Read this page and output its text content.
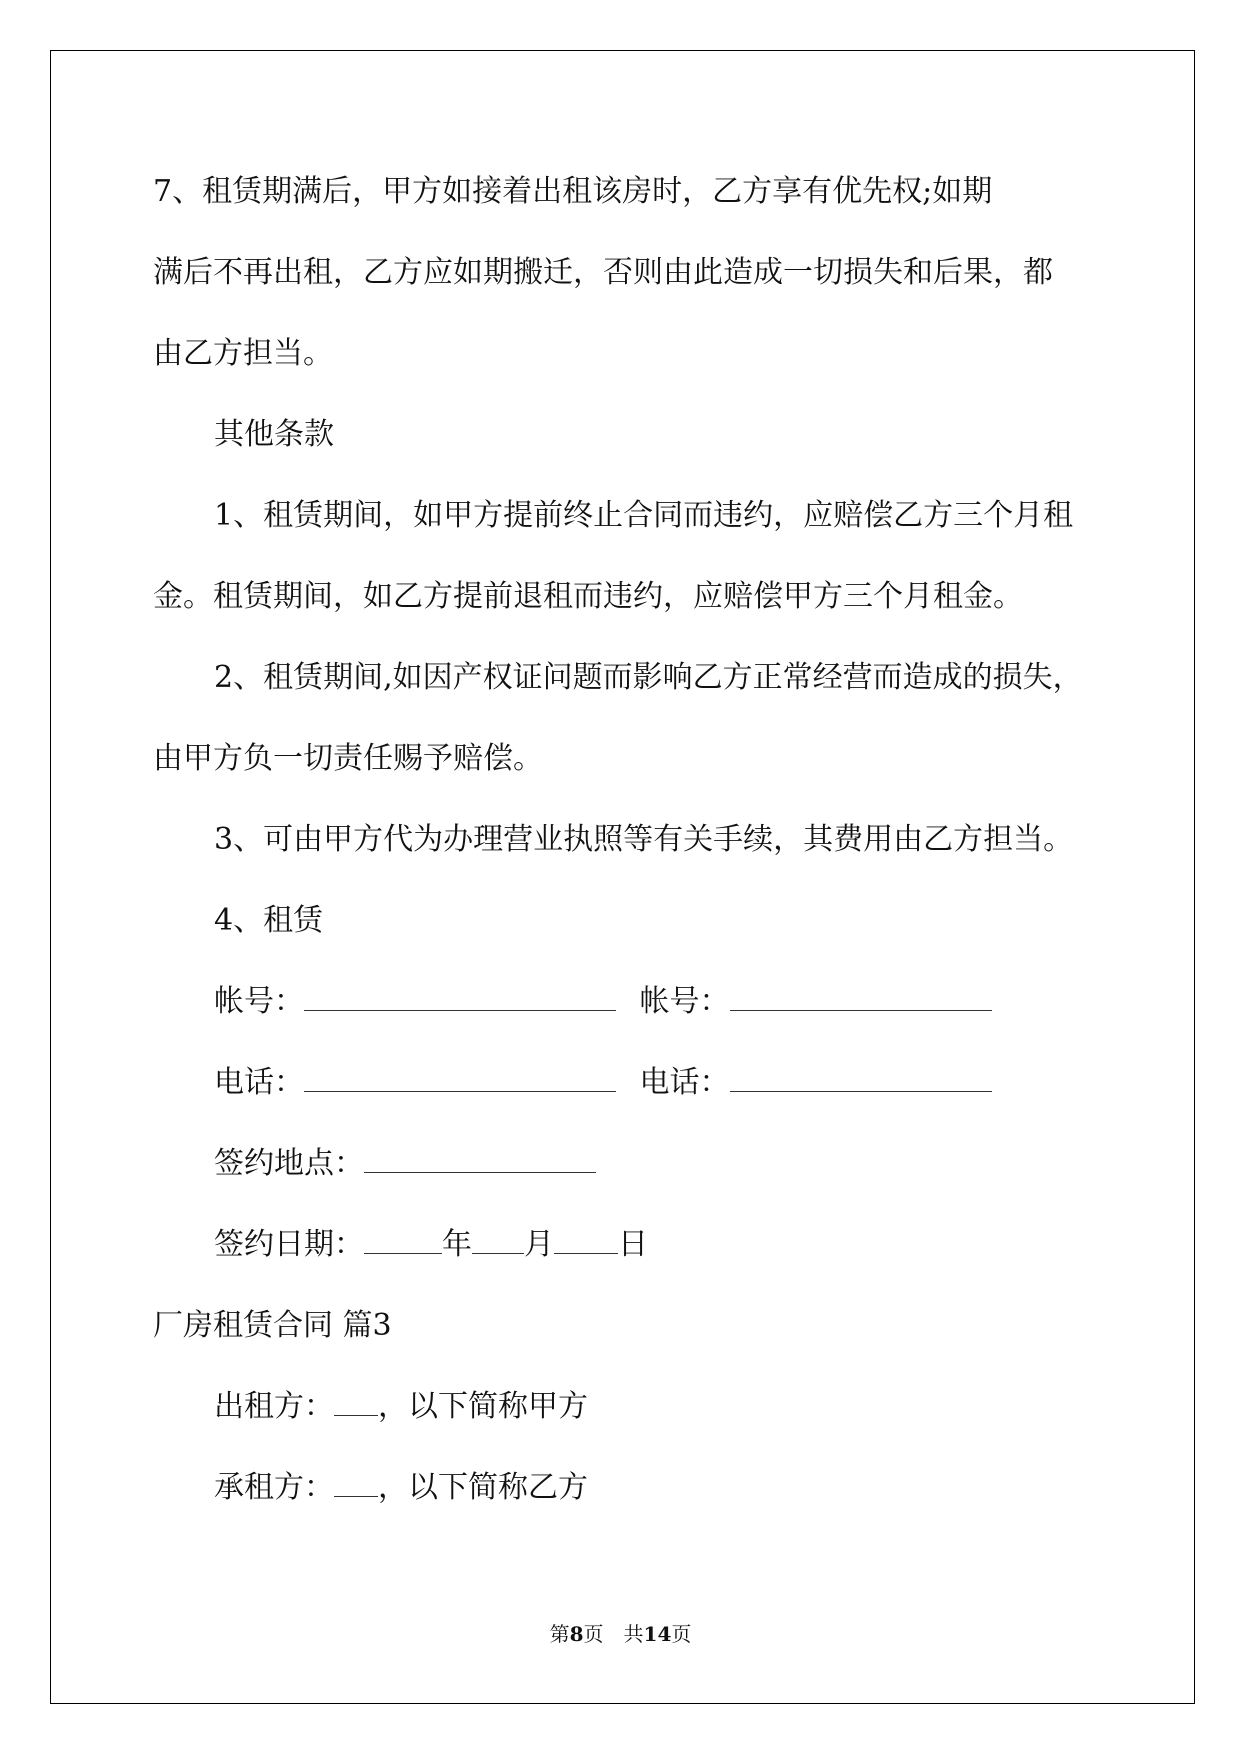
7、租赁期满后，甲方如接着出租该房时，乙方享有优先权;如期
满后不再出租，乙方应如期搬迁，否则由此造成一切损失和后果，都
由乙方担当。
其他条款
1、租赁期间，如甲方提前终止合同而违约，应赔偿乙方三个月租
金。租赁期间，如乙方提前退租而违约，应赔偿甲方三个月租金。
2、租赁期间,如因产权证问题而影响乙方正常经营而造成的损失，
由甲方负一切责任赐予赔偿。
3、可由甲方代为办理营业执照等有关手续，其费用由乙方担当。
4、租赁
帐号：	帐号：
电话：	电话：
签约地点：
签约日期：	年 月 日
厂房租赁合同 篇3
出租方： ，以下简称甲方
承租方： ，以下简称乙方
第8页　共14页
